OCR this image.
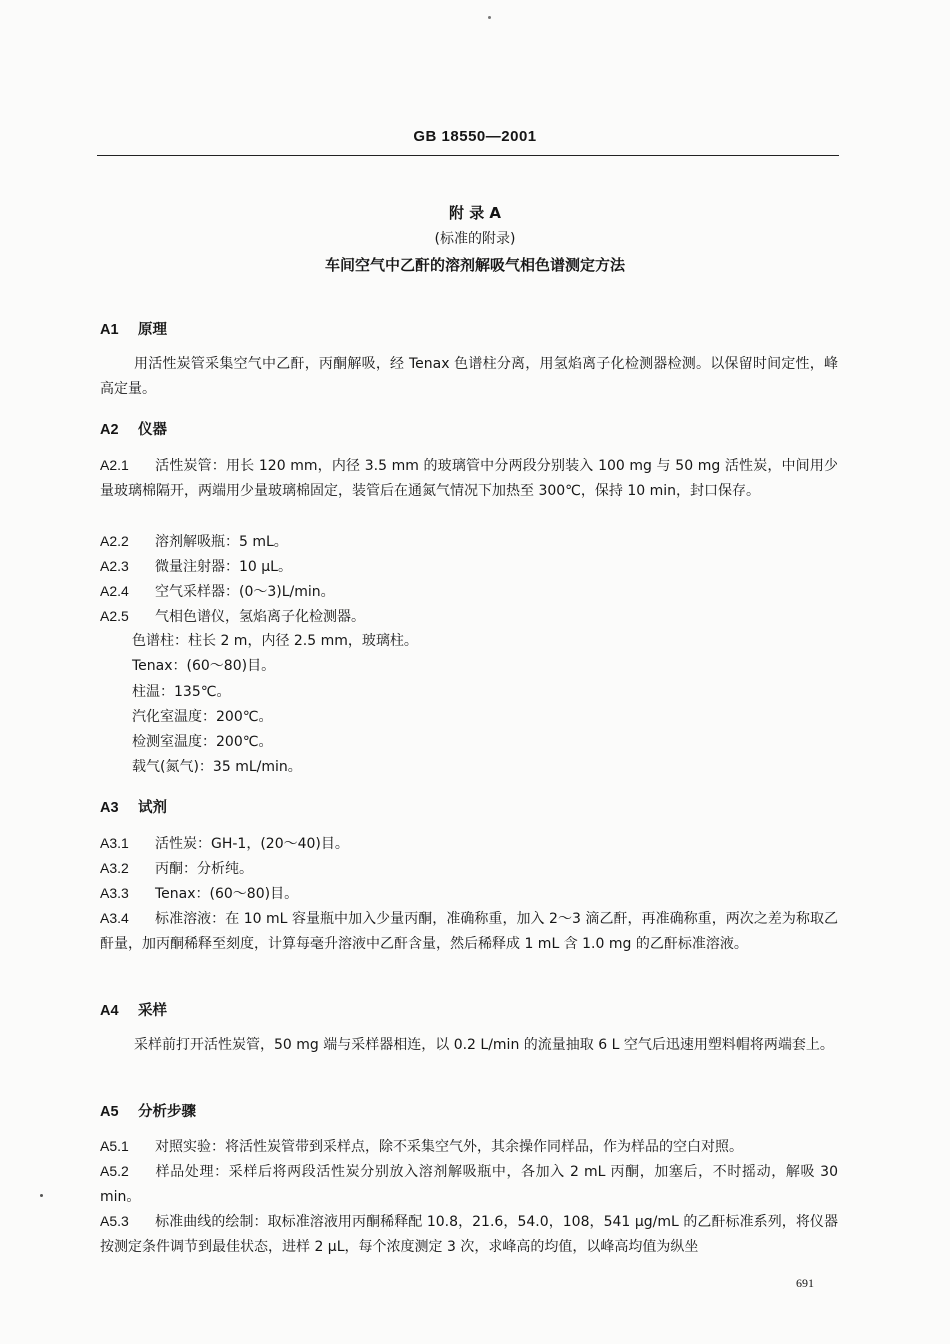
GB 18550—2001
附 录 A
(标准的附录)
车间空气中乙酐的溶剂解吸气相色谱测定方法
A1 原理
用活性炭管采集空气中乙酐，丙酮解吸，经 Tenax 色谱柱分离，用氢焰离子化检测器检测。以保留时间定性，峰高定量。
A2 仪器
A2.1 活性炭管：用长 120 mm，内径 3.5 mm 的玻璃管中分两段分别装入 100 mg 与 50 mg 活性炭，中间用少量玻璃棉隔开，两端用少量玻璃棉固定，装管后在通氮气情况下加热至 300℃，保持 10 min，封口保存。
A2.2 溶剂解吸瓶：5 mL。
A2.3 微量注射器：10 μL。
A2.4 空气采样器：(0～3)L/min。
A2.5 气相色谱仪，氢焰离子化检测器。
色谱柱：柱长 2 m，内径 2.5 mm，玻璃柱。
Tenax：(60～80)目。
柱温：135℃。
汽化室温度：200℃。
检测室温度：200℃。
载气(氮气)：35 mL/min。
A3 试剂
A3.1 活性炭：GH-1，(20～40)目。
A3.2 丙酮：分析纯。
A3.3 Tenax：(60～80)目。
A3.4 标准溶液：在 10 mL 容量瓶中加入少量丙酮，准确称重，加入 2～3 滴乙酐，再准确称重，两次之差为称取乙酐量，加丙酮稀释至刻度，计算每毫升溶液中乙酐含量，然后稀释成 1 mL 含 1.0 mg 的乙酐标准溶液。
A4 采样
采样前打开活性炭管，50 mg 端与采样器相连，以 0.2 L/min 的流量抽取 6 L 空气后迅速用塑料帽将两端套上。
A5 分析步骤
A5.1 对照实验：将活性炭管带到采样点，除不采集空气外，其余操作同样品，作为样品的空白对照。
A5.2 样品处理：采样后将两段活性炭分别放入溶剂解吸瓶中，各加入 2 mL 丙酮，加塞后，不时摇动，解吸 30 min。
A5.3 标准曲线的绘制：取标准溶液用丙酮稀释配 10.8，21.6，54.0，108，541 μg/mL 的乙酐标准系列，将仪器按测定条件调节到最佳状态，进样 2 μL，每个浓度测定 3 次，求峰高的均值，以峰高均值为纵坐
691
